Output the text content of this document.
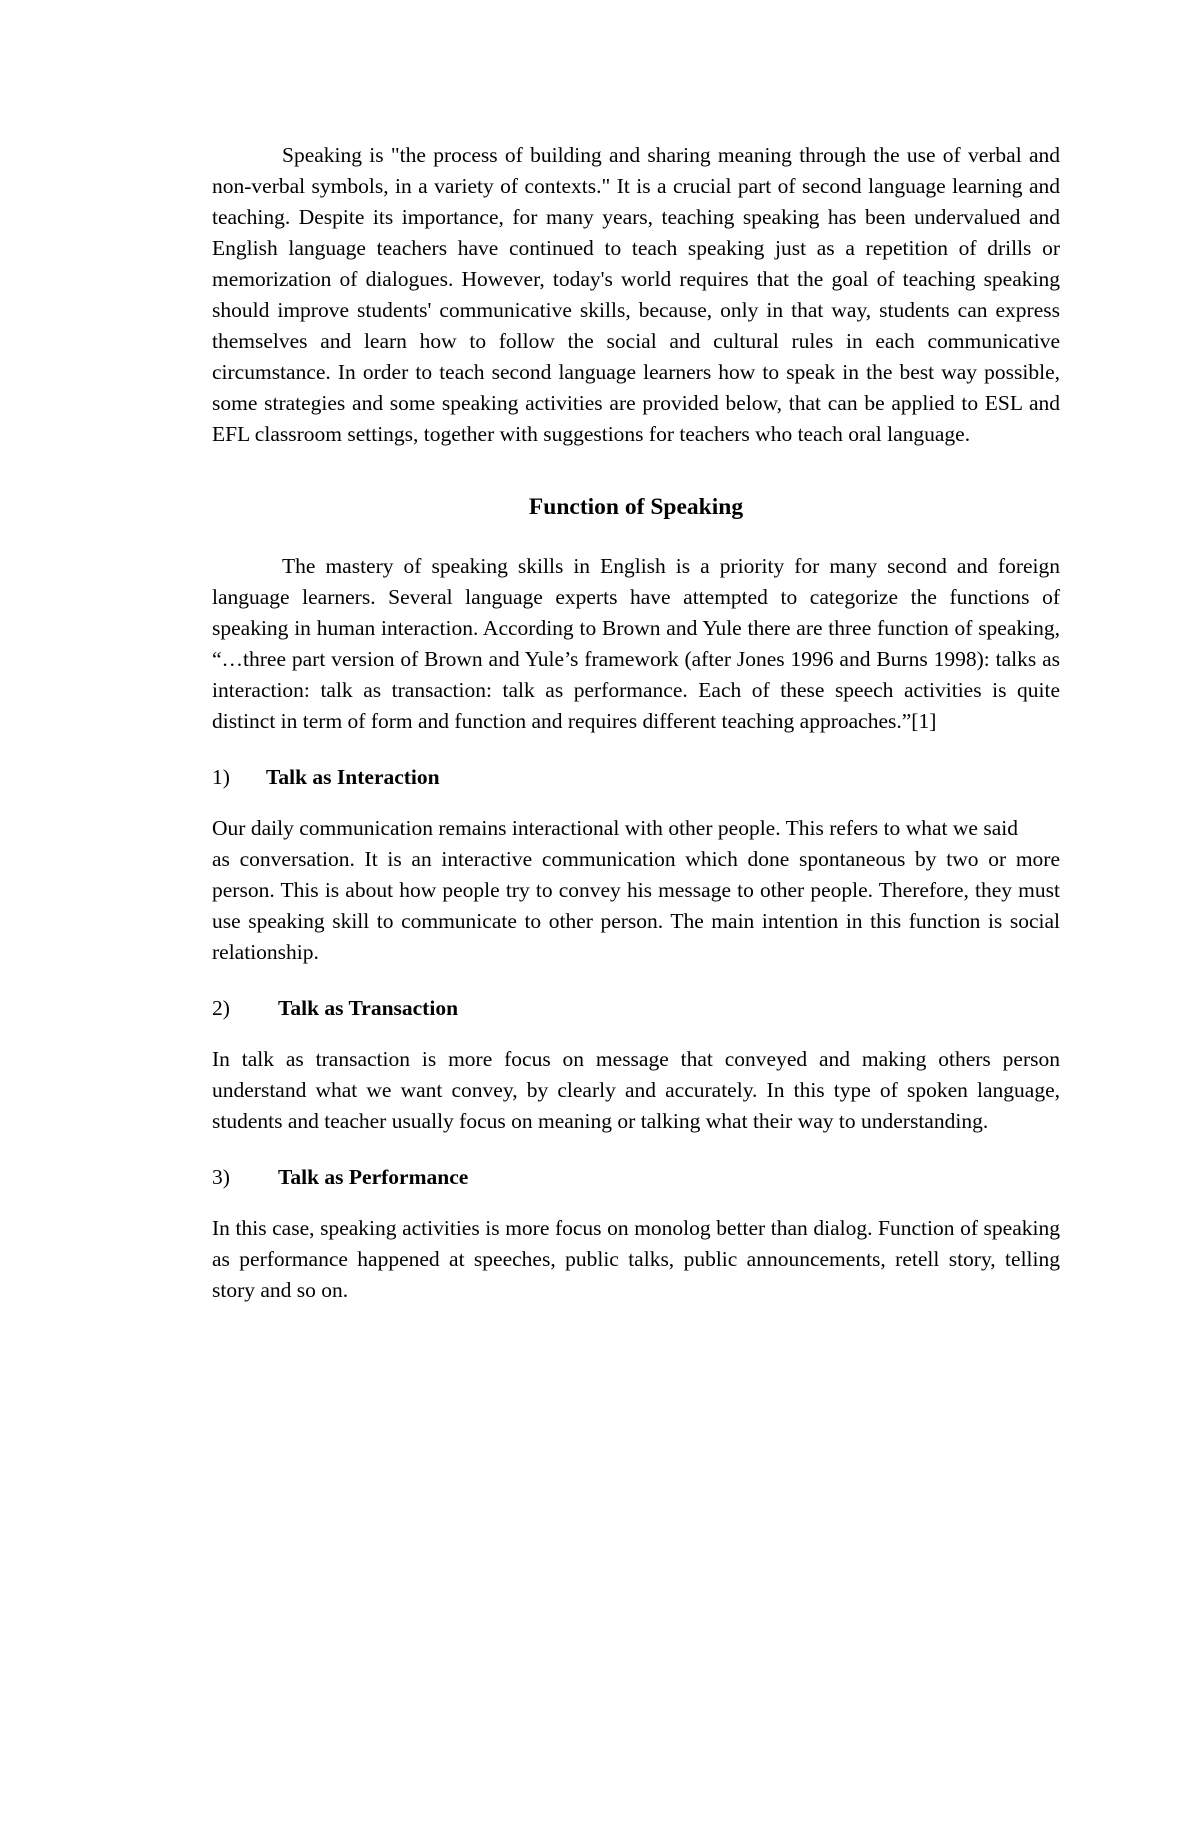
Speaking is "the process of building and sharing meaning through the use of verbal and non-verbal symbols, in a variety of contexts." It is a crucial part of second language learning and teaching. Despite its importance, for many years, teaching speaking has been undervalued and English language teachers have continued to teach speaking just as a repetition of drills or memorization of dialogues. However, today's world requires that the goal of teaching speaking should improve students' communicative skills, because, only in that way, students can express themselves and learn how to follow the social and cultural rules in each communicative circumstance. In order to teach second language learners how to speak in the best way possible, some strategies and some speaking activities are provided below, that can be applied to ESL and EFL classroom settings, together with suggestions for teachers who teach oral language.

Function of Speaking

The mastery of speaking skills in English is a priority for many second and foreign language learners. Several language experts have attempted to categorize the functions of speaking in human interaction. According to Brown and Yule there are three function of speaking, “…three part version of Brown and Yule’s framework (after Jones 1996 and Burns 1998): talks as interaction: talk as transaction: talk as performance. Each of these speech activities is quite distinct in term of form and function and requires different teaching approaches.”[1]

1)	Talk as Interaction

Our daily communication remains interactional with other people. This refers to what we saidas conversation. It is an interactive communication which done spontaneous by two or more person. This is about how people try to convey his message to other people. Therefore, they must use speaking skill to communicate to other person. The main intention in this function is social relationship.

2)	Talk as Transaction

In talk as transaction is more focus on message that conveyed and making others person understand what we want convey, by clearly and accurately. In this type of spoken language, students and teacher usually focus on meaning or talking what their way to understanding.

3)	Talk as Performance

In this case, speaking activities is more focus on monolog better than dialog. Function of speaking as performance happened at speeches, public talks, public announcements, retell story, telling story and so on.
